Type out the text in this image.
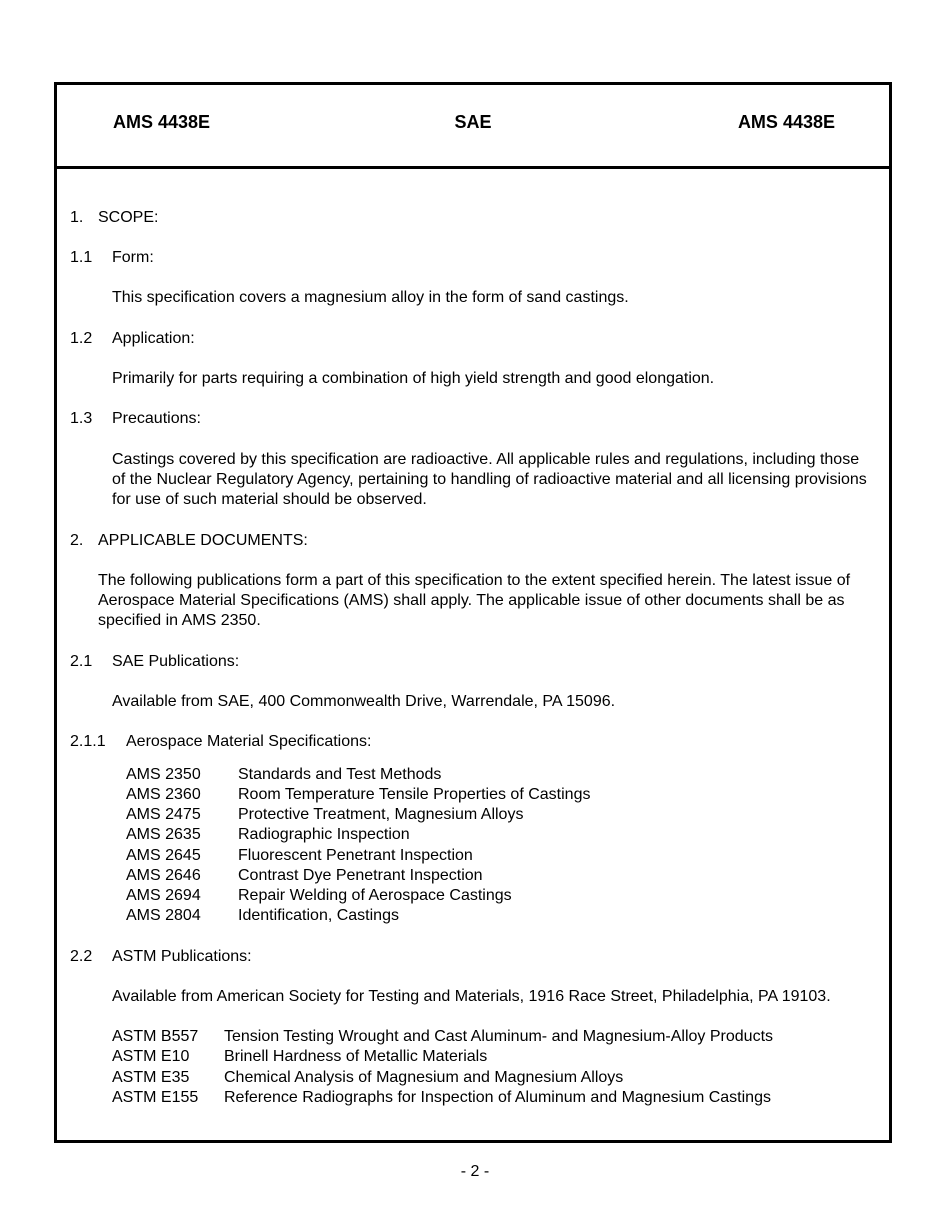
AMS 4438E	SAE	AMS 4438E
1. SCOPE:
1.1 Form:
This specification covers a magnesium alloy in the form of sand castings.
1.2 Application:
Primarily for parts requiring a combination of high yield strength and good elongation.
1.3 Precautions:
Castings covered by this specification are radioactive. All applicable rules and regulations, including those of the Nuclear Regulatory Agency, pertaining to handling of radioactive material and all licensing provisions for use of such material should be observed.
2. APPLICABLE DOCUMENTS:
The following publications form a part of this specification to the extent specified herein. The latest issue of Aerospace Material Specifications (AMS) shall apply. The applicable issue of other documents shall be as specified in AMS 2350.
2.1 SAE Publications:
Available from SAE, 400 Commonwealth Drive, Warrendale, PA 15096.
2.1.1 Aerospace Material Specifications:
AMS 2350 Standards and Test Methods
AMS 2360 Room Temperature Tensile Properties of Castings
AMS 2475 Protective Treatment, Magnesium Alloys
AMS 2635 Radiographic Inspection
AMS 2645 Fluorescent Penetrant Inspection
AMS 2646 Contrast Dye Penetrant Inspection
AMS 2694 Repair Welding of Aerospace Castings
AMS 2804 Identification, Castings
2.2 ASTM Publications:
Available from American Society for Testing and Materials, 1916 Race Street, Philadelphia, PA 19103.
ASTM B557 Tension Testing Wrought and Cast Aluminum- and Magnesium-Alloy Products
ASTM E10 Brinell Hardness of Metallic Materials
ASTM E35 Chemical Analysis of Magnesium and Magnesium Alloys
ASTM E155 Reference Radiographs for Inspection of Aluminum and Magnesium Castings
- 2 -
